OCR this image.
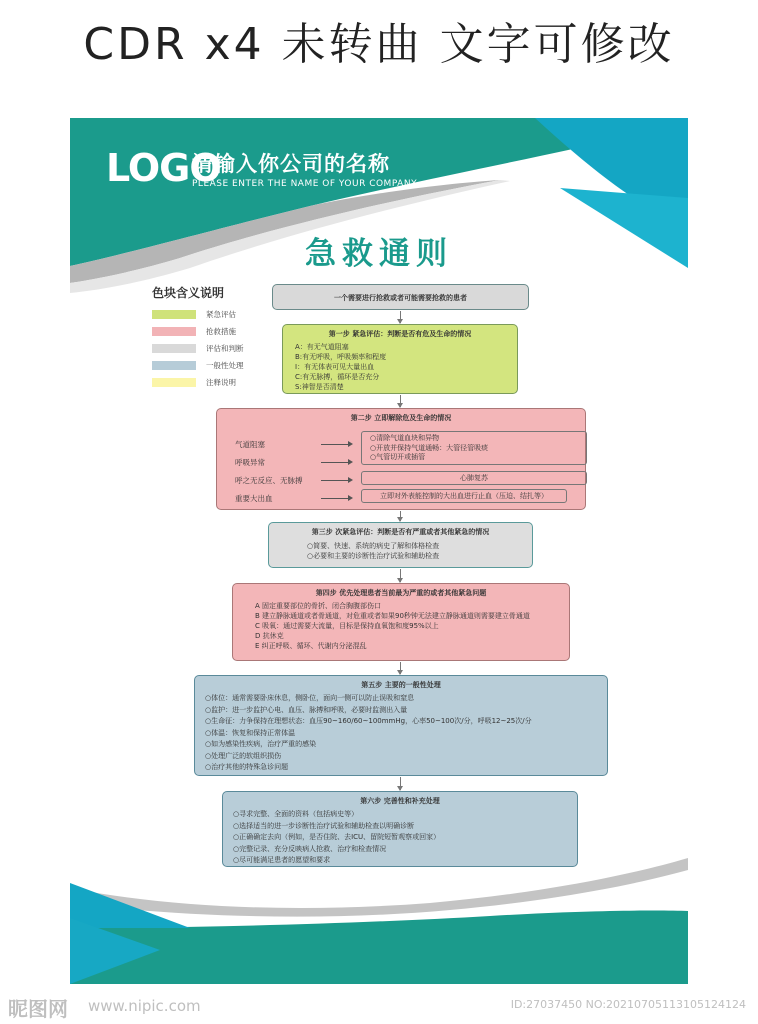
CDR x4 未转曲 文字可修改
LOGO
请输入你公司的名称
PLEASE ENTER THE NAME OF YOUR COMPANY
急救通则
色块含义说明
紧急评估
抢救措施
评估和判断
一般性处理
注释说明
一个需要进行抢救或者可能需要抢救的患者
第一步 紧急评估：判断是否有危及生命的情况
A：有无气道阻塞
B:有无呼吸，呼吸频率和程度
I：有无体表可见大量出血
C:有无脉搏，循环是否充分
S:神智是否清楚
第二步 立即解除危及生命的情况
气道阻塞
呼吸异常
呼之无反应、无脉搏
重要大出血
○清除气道血块和异物
○开放并保持气道通畅：大管径管吸痰
○气管切开或插管
心肺复苏
立即对外表能控制的大出血进行止血（压迫、结扎等）
第三步 次紧急评估：判断是否有严重或者其他紧急的情况
○简要、快速、系统的病史了解和体格检查
○必要和主要的诊断性治疗试验和辅助检查
第四步 优先处理患者当前最为严重的或者其他紧急问题
A 固定重要部位的骨折、闭合胸腹部伤口
B 建立静脉通道或者骨通道，对危重或者如果90秒钟无法建立静脉通道则需要建立骨通道
C 吸氧：通过需要大流量，目标是保持血氧饱和度95%以上
D 抗休克
E 纠正呼吸、循环、代谢内分泌混乱
第五步 主要的一般性处理
○体位：通常需要卧床休息，侧卧位，面向一侧可以防止误吸和窒息
○监护：进一步监护心电、血压、脉搏和呼吸，必要时监测出入量
○生命征：力争保持在理想状态：血压90~160/60~100mmHg，心率50~100次/分，呼吸12~25次/分
○体温：恢复和保持正常体温
○如为感染性疾病，治疗严重的感染
○处理广泛的软组织损伤
○治疗其他的特殊急诊问题
第六步 完善性和补充处理
○寻求完整、全面的资料（包括病史等）
○选择适当的进一步诊断性治疗试验和辅助检查以明确诊断
○正确确定去向（例如，是否住院、去ICU、留院短暂观察或回家）
○完整记录、充分反映病人抢救、治疗和检查情况
○尽可能满足患者的愿望和要求
昵图网 www.nipic.com	ID:27037450 NO:20210705113105124124
